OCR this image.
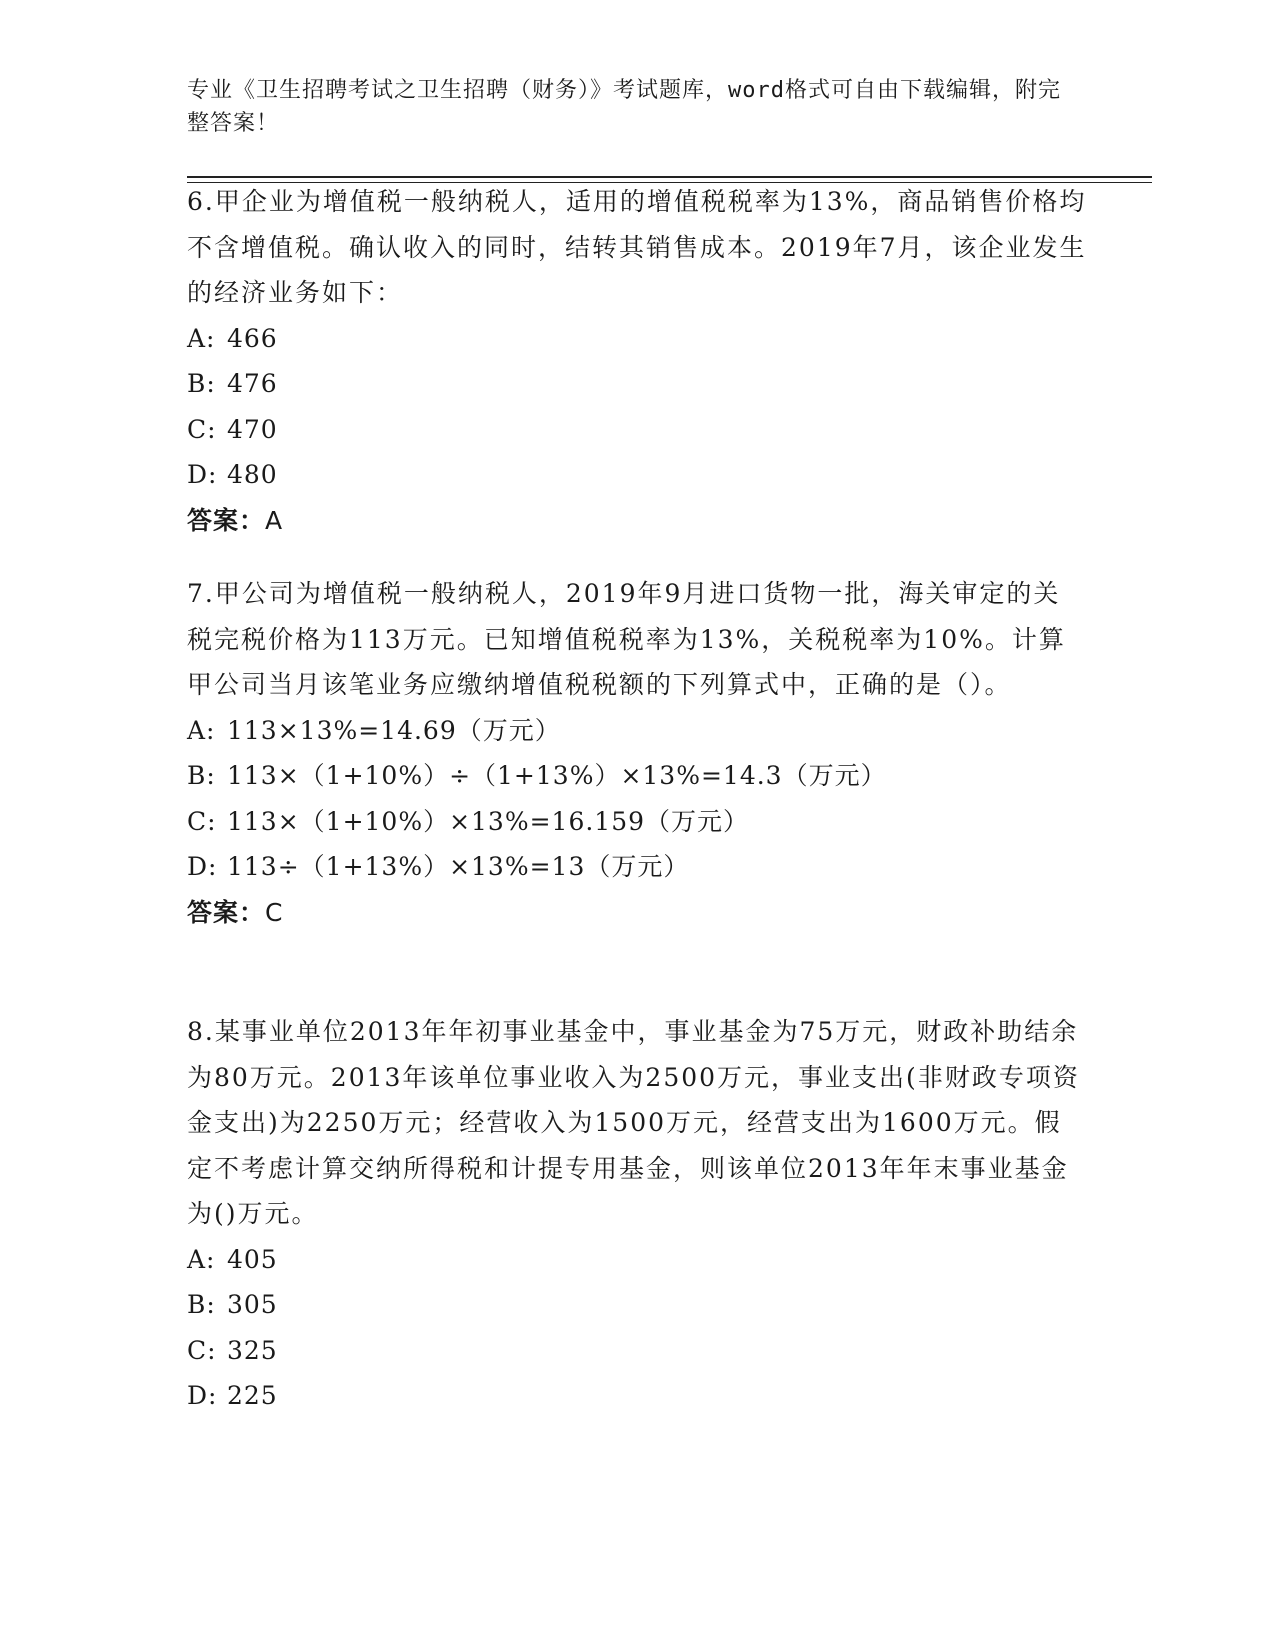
专业《卫生招聘考试之卫生招聘（财务）》考试题库，word格式可自由下载编辑，附完整答案！

6.甲企业为增值税一般纳税人，适用的增值税税率为13%，商品销售价格均不含增值税。确认收入的同时，结转其销售成本。2019年7月，该企业发生的经济业务如下：

A: 466
B: 476
C: 470
D: 480
答案：A

7.甲公司为增值税一般纳税人，2019年9月进口货物一批，海关审定的关税完税价格为113万元。已知增值税税率为13%，关税税率为10%。计算甲公司当月该笔业务应缴纳增值税税额的下列算式中，正确的是（）。

A: 113×13%=14.69（万元）
B: 113×（1+10%）÷（1+13%）×13%=14.3（万元）
C: 113×（1+10%）×13%=16.159（万元）
D: 113÷（1+13%）×13%=13（万元）
答案：C

8.某事业单位2013年年初事业基金中，事业基金为75万元，财政补助结余为80万元。2013年该单位事业收入为2500万元，事业支出(非财政专项资金支出)为2250万元；经营收入为1500万元，经营支出为1600万元。假定不考虑计算交纳所得税和计提专用基金，则该单位2013年年末事业基金为()万元。

A: 405
B: 305
C: 325
D: 225
